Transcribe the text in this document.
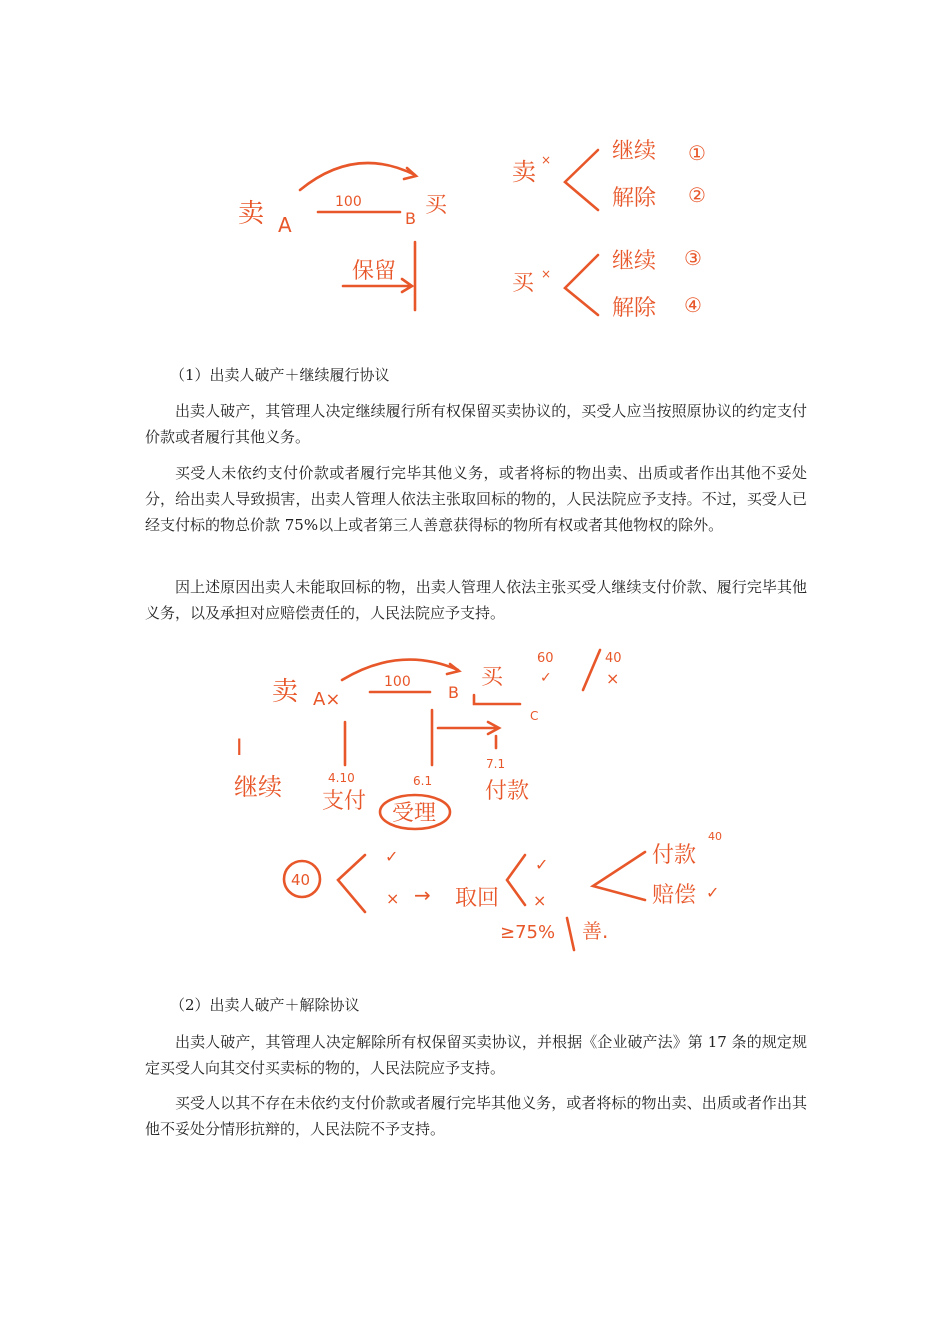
卖 A
100
B
买
保留
卖 ×
买 ×
继续 ①
解除 ②
继续 ③
解除 ④
（1）出卖人破产＋继续履行协议

出卖人破产，其管理人决定继续履行所有权保留买卖协议的，买受人应当按照原协议的约定支付价款或者履行其他义务。

买受人未依约支付价款或者履行完毕其他义务，或者将标的物出卖、出质或者作出其他不妥处分，给出卖人导致损害，出卖人管理人依法主张取回标的物的，人民法院应予支持。不过，买受人已经支付标的物总价款 75%以上或者第三人善意获得标的物所有权或者其他物权的除外。

因上述原因出卖人未能取回标的物，出卖人管理人依法主张买受人继续支付价款、履行完毕其他义务，以及承担对应赔偿责任的，人民法院应予支持。

卖 A×
100
B
买
60
✓
40
×
C
I
继续	4.10
支付
6.1
受理
7.1
付款
40
✓
× → 取回
✓
×
≥75% 善.
付款
40
赔偿 ✓
（2）出卖人破产＋解除协议

出卖人破产，其管理人决定解除所有权保留买卖协议，并根据《企业破产法》第 17 条的规定规定买受人向其交付买卖标的物的，人民法院应予支持。

买受人以其不存在未依约支付价款或者履行完毕其他义务，或者将标的物出卖、出质或者作出其他不妥处分情形抗辩的，人民法院不予支持。
